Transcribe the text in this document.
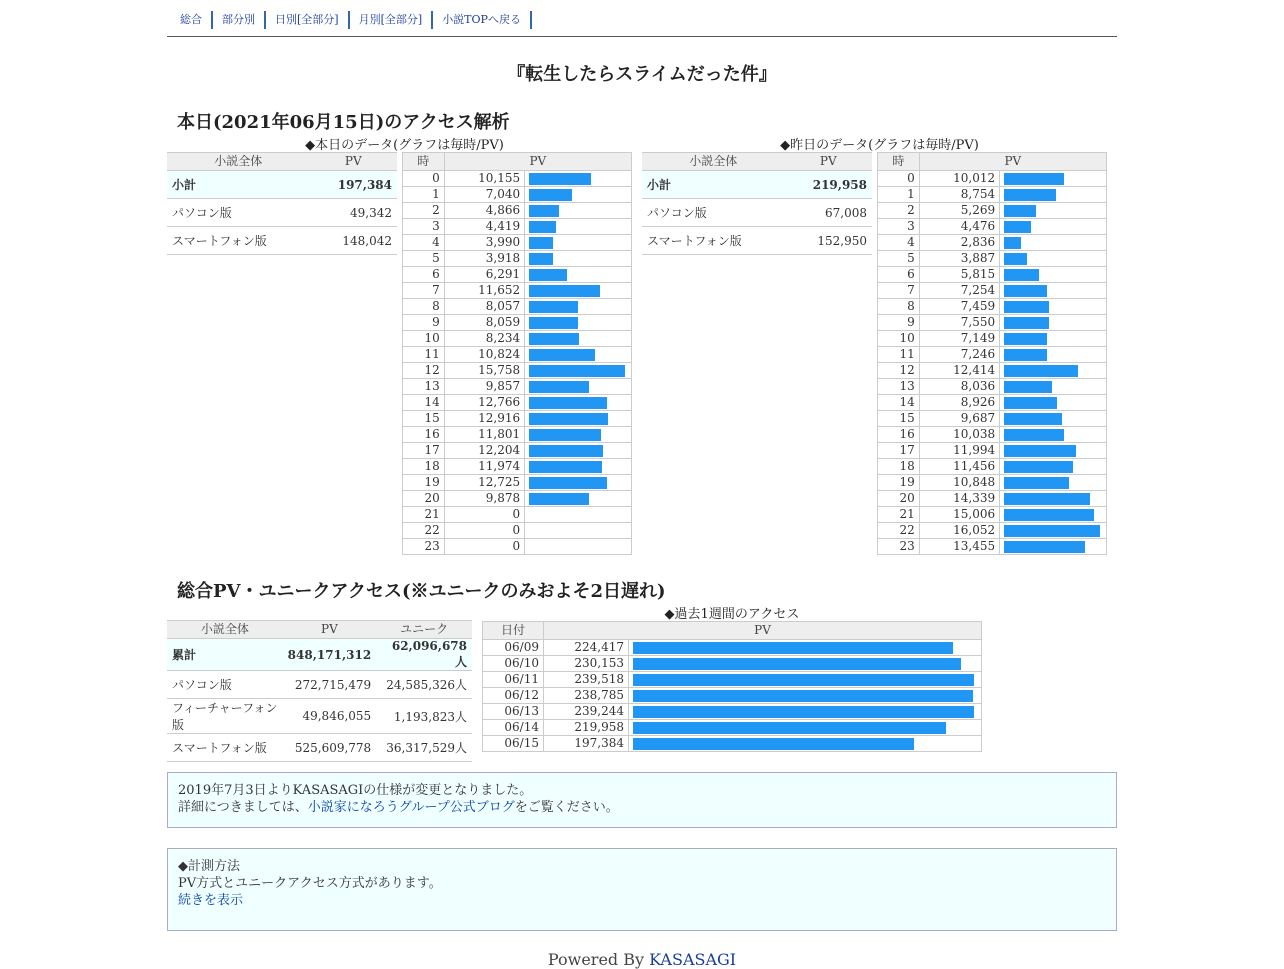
総合	部分別	日別[全部分]	月別[全部分]	小説TOPへ戻る
『転生したらスライムだった件』
本日(2021年06月15日)のアクセス解析
◆本日のデータ(グラフは毎時/PV)
小説全体	PV
小計	197,384
パソコン版	49,342
スマートフォン版	148,042
時	PV	
0	10,155	

1	7,040	

2	4,866	

3	4,419	

4	3,990	

5	3,918	

6	6,291	

7	11,652	

8	8,057	

9	8,059	

10	8,234	

11	10,824	

12	15,758	

13	9,857	

14	12,766	

15	12,916	

16	11,801	

17	12,204	

18	11,974	

19	12,725	

20	9,878	

21	0	
22	0	
23	0	
◆昨日のデータ(グラフは毎時/PV)
小説全体	PV
小計	219,958
パソコン版	67,008
スマートフォン版	152,950
時	PV	
0	10,012	

1	8,754	

2	5,269	

3	4,476	

4	2,836	

5	3,887	

6	5,815	

7	7,254	

8	7,459	

9	7,550	

10	7,149	

11	7,246	

12	12,414	

13	8,036	

14	8,926	

15	9,687	

16	10,038	

17	11,994	

18	11,456	

19	10,848	

20	14,339	

21	15,006	

22	16,052	

23	13,455	
総合PV・ユニークアクセス(※ユニークのみおよそ2日遅れ)
小説全体	PV	ユニーク
累計	848,171,312	62,096,678人
パソコン版	272,715,479	24,585,326人
フィーチャーフォン版	49,846,055	1,193,823人
スマートフォン版	525,609,778	36,317,529人
◆過去1週間のアクセス
日付	PV	
06/09	224,417	

06/10	230,153	

06/11	239,518	

06/12	238,785	

06/13	239,244	

06/14	219,958	

06/15	197,384	
2019年7月3日よりKASASAGIの仕様が変更となりました。
詳細につきましては、小説家になろうグループ公式ブログをご覧ください。
◆計測方法
PV方式とユニークアクセス方式があります。
続きを表示
Powered By KASASAGI
